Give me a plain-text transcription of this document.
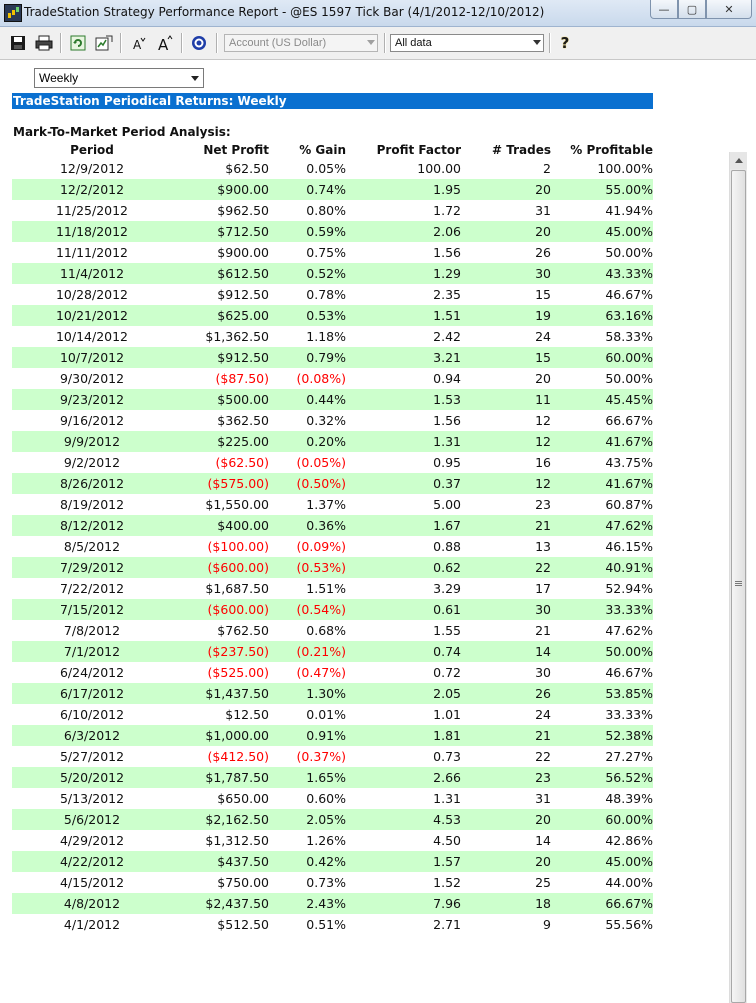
TradeStation Strategy Performance Report - @ES 1597 Tick Bar (4/1/2012-12/10/2012)	—	▢	✕
A A	Account (US Dollar)	All data	?
Weekly
TradeStation Periodical Returns: Weekly
Mark-To-Market Period Analysis:
Period	Net Profit	% Gain	Profit Factor	# Trades	% Profitable
12/9/2012	$62.50	0.05%	100.00	2	100.00%
12/2/2012	$900.00	0.74%	1.95	20	55.00%
11/25/2012	$962.50	0.80%	1.72	31	41.94%
11/18/2012	$712.50	0.59%	2.06	20	45.00%
11/11/2012	$900.00	0.75%	1.56	26	50.00%
11/4/2012	$612.50	0.52%	1.29	30	43.33%
10/28/2012	$912.50	0.78%	2.35	15	46.67%
10/21/2012	$625.00	0.53%	1.51	19	63.16%
10/14/2012	$1,362.50	1.18%	2.42	24	58.33%
10/7/2012	$912.50	0.79%	3.21	15	60.00%
9/30/2012	($87.50)	(0.08%)	0.94	20	50.00%
9/23/2012	$500.00	0.44%	1.53	11	45.45%
9/16/2012	$362.50	0.32%	1.56	12	66.67%
9/9/2012	$225.00	0.20%	1.31	12	41.67%
9/2/2012	($62.50)	(0.05%)	0.95	16	43.75%
8/26/2012	($575.00)	(0.50%)	0.37	12	41.67%
8/19/2012	$1,550.00	1.37%	5.00	23	60.87%
8/12/2012	$400.00	0.36%	1.67	21	47.62%
8/5/2012	($100.00)	(0.09%)	0.88	13	46.15%
7/29/2012	($600.00)	(0.53%)	0.62	22	40.91%
7/22/2012	$1,687.50	1.51%	3.29	17	52.94%
7/15/2012	($600.00)	(0.54%)	0.61	30	33.33%
7/8/2012	$762.50	0.68%	1.55	21	47.62%
7/1/2012	($237.50)	(0.21%)	0.74	14	50.00%
6/24/2012	($525.00)	(0.47%)	0.72	30	46.67%
6/17/2012	$1,437.50	1.30%	2.05	26	53.85%
6/10/2012	$12.50	0.01%	1.01	24	33.33%
6/3/2012	$1,000.00	0.91%	1.81	21	52.38%
5/27/2012	($412.50)	(0.37%)	0.73	22	27.27%
5/20/2012	$1,787.50	1.65%	2.66	23	56.52%
5/13/2012	$650.00	0.60%	1.31	31	48.39%
5/6/2012	$2,162.50	2.05%	4.53	20	60.00%
4/29/2012	$1,312.50	1.26%	4.50	14	42.86%
4/22/2012	$437.50	0.42%	1.57	20	45.00%
4/15/2012	$750.00	0.73%	1.52	25	44.00%
4/8/2012	$2,437.50	2.43%	7.96	18	66.67%
4/1/2012	$512.50	0.51%	2.71	9	55.56%
